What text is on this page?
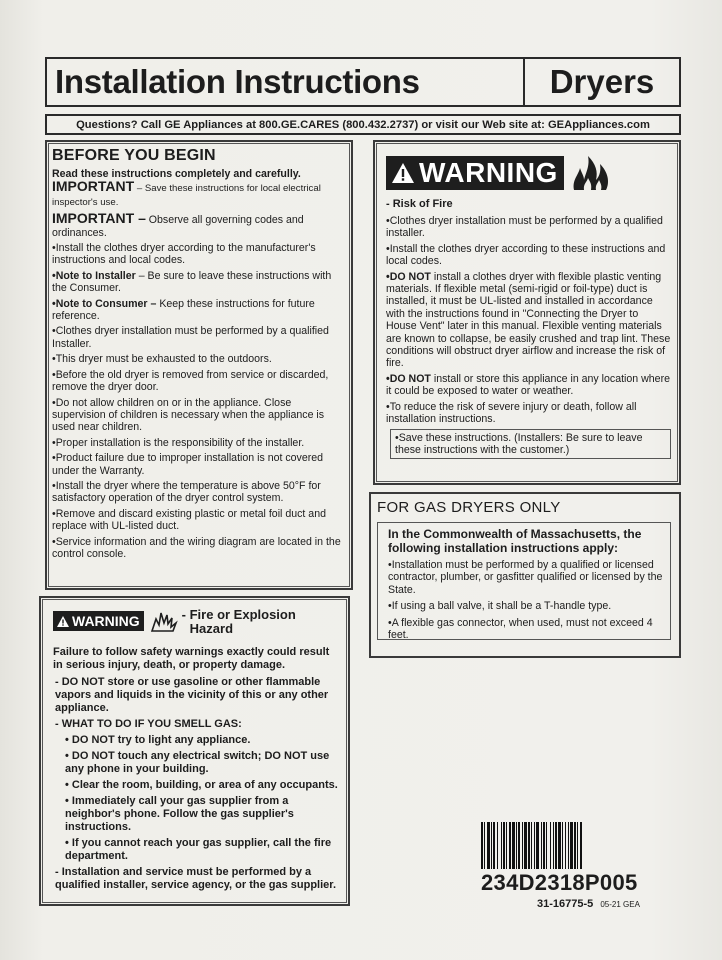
Installation Instructions	Dryers
Questions? Call GE Appliances at 800.GE.CARES (800.432.2737) or visit our Web site at: GEAppliances.com
BEFORE YOU BEGIN
Read these instructions completely and carefully.
IMPORTANT – Save these instructions for local electrical inspector's use.
IMPORTANT – Observe all governing codes and ordinances.
•Install the clothes dryer according to the manufacturer's instructions and local codes.
•Note to Installer – Be sure to leave these instructions with the Consumer.
•Note to Consumer – Keep these instructions for future reference.
•Clothes dryer installation must be performed by a qualified Installer.
•This dryer must be exhausted to the outdoors.
•Before the old dryer is removed from service or discarded, remove the dryer door.
•Do not allow children on or in the appliance. Close supervision of children is necessary when the appliance is used near children.
•Proper installation is the responsibility of the installer.
•Product failure due to improper installation is not covered under the Warranty.
•Install the dryer where the temperature is above 50°F for satisfactory operation of the dryer control system.
•Remove and discard existing plastic or metal foil duct and replace with UL-listed duct.
•Service information and the wiring diagram are located in the control console.
WARNING	- Fire or Explosion
Hazard
Failure to follow safety warnings exactly could result in serious injury, death, or property damage.
- DO NOT store or use gasoline or other flammable vapors and liquids in the vicinity of this or any other appliance.
- WHAT TO DO IF YOU SMELL GAS:
• DO NOT try to light any appliance.
• DO NOT touch any electrical switch; DO NOT use any phone in your building.
• Clear the room, building, or area of any occupants.
• Immediately call your gas supplier from a neighbor's phone. Follow the gas supplier's instructions.
• If you cannot reach your gas supplier, call the fire department.
- Installation and service must be performed by a qualified installer, service agency, or the gas supplier.
WARNING
- Risk of Fire
•Clothes dryer installation must be performed by a qualified installer.
•Install the clothes dryer according to these instructions and local codes.
•DO NOT install a clothes dryer with flexible plastic venting materials. If flexible metal (semi-rigid or foil-type) duct is installed, it must be UL-listed and installed in accordance with the instructions found in "Connecting the Dryer to House Vent" later in this manual. Flexible venting materials are known to collapse, be easily crushed and trap lint. These conditions will obstruct dryer airflow and increase the risk of fire.
•DO NOT install or store this appliance in any location where it could be exposed to water or weather.
•To reduce the risk of severe injury or death, follow all installation instructions.
•Save these instructions. (Installers: Be sure to leave these instructions with the customer.)
FOR GAS DRYERS ONLY
In the Commonwealth of Massachusetts, the following installation instructions apply:
•Installation must be performed by a qualified or licensed contractor, plumber, or gasfitter qualified or licensed by the State.
•If using a ball valve, it shall be a T-handle type.
•A flexible gas connector, when used, must not exceed 4 feet.
234D2318P005
31-16775-5 05-21 GEA
